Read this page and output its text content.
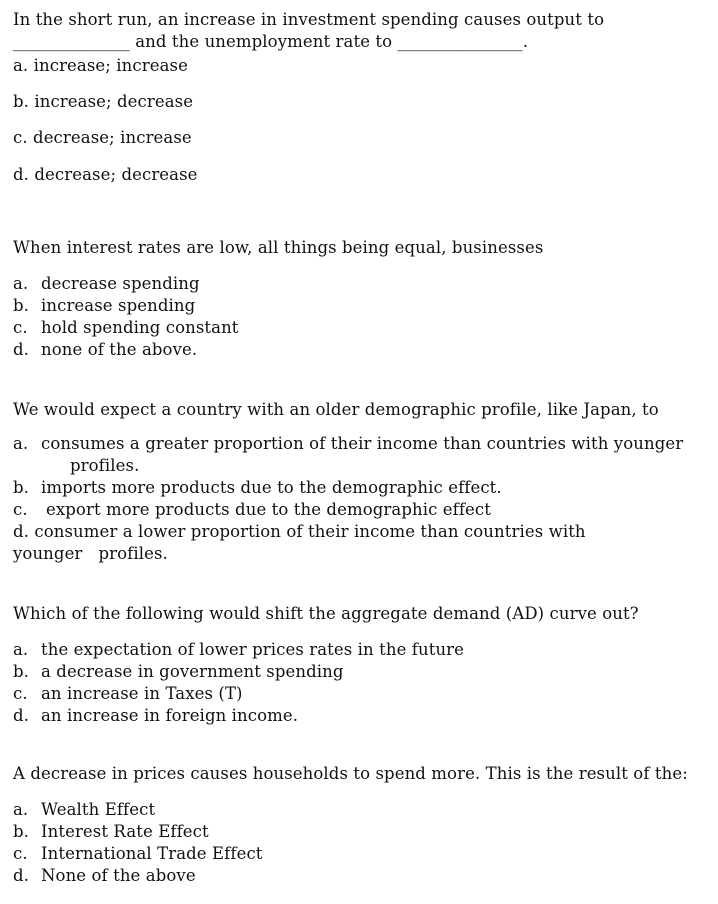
In the short run, an increase in investment spending causes output to
______________ and the unemployment rate to _______________.
a. increase; increase
b. increase; decrease
c. decrease; increase
d. decrease; decrease
When interest rates are low, all things being equal, businesses
a. decrease spending
b. increase spending
c. hold spending constant
d. none of the above.
We would expect a country with an older demographic profile, like Japan, to
a. consumes a greater proportion of their income than countries with younger
profiles.
b. imports more products due to the demographic effect.
c. export more products due to the demographic effect
d. consumer a lower proportion of their income than countries with
younger   profiles.
Which of the following would shift the aggregate demand (AD) curve out?
a. the expectation of lower prices rates in the future
b. a decrease in government spending
c. an increase in Taxes (T)
d. an increase in foreign income.
A decrease in prices causes households to spend more. This is the result of the:
a. Wealth Effect
b. Interest Rate Effect
c. International Trade Effect
d. None of the above
